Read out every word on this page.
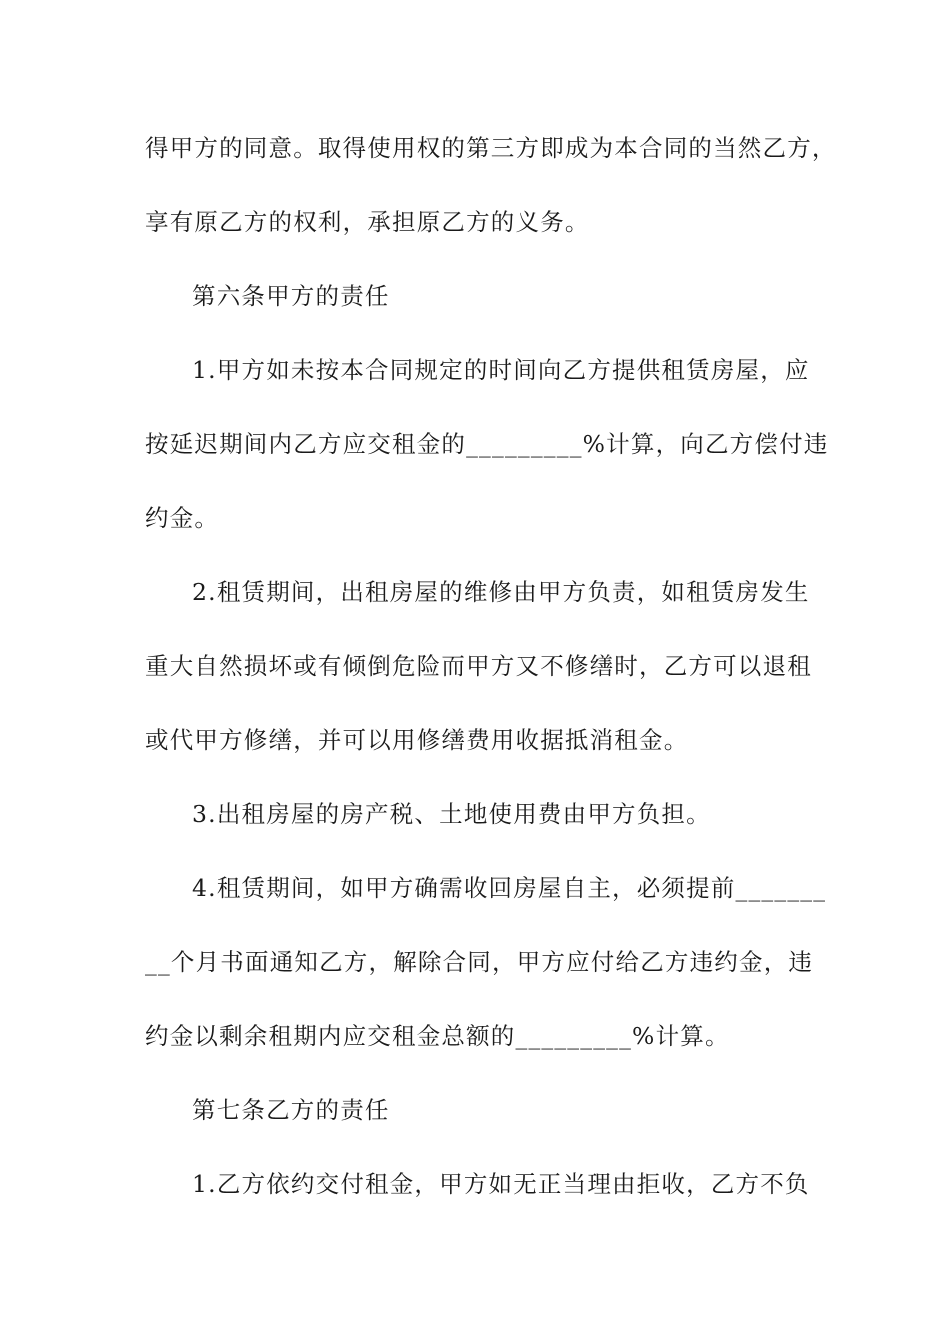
得甲方的同意。取得使用权的第三方即成为本合同的当然乙方，
享有原乙方的权利，承担原乙方的义务。
第六条甲方的责任
1.甲方如未按本合同规定的时间向乙方提供租赁房屋，应
按延迟期间内乙方应交租金的_________%计算，向乙方偿付违
约金。
2.租赁期间，出租房屋的维修由甲方负责，如租赁房发生
重大自然损坏或有倾倒危险而甲方又不修缮时，乙方可以退租
或代甲方修缮，并可以用修缮费用收据抵消租金。
3.出租房屋的房产税、土地使用费由甲方负担。
4.租赁期间，如甲方确需收回房屋自主，必须提前_______
__个月书面通知乙方，解除合同，甲方应付给乙方违约金，违
约金以剩余租期内应交租金总额的_________%计算。
第七条乙方的责任
1.乙方依约交付租金，甲方如无正当理由拒收，乙方不负
